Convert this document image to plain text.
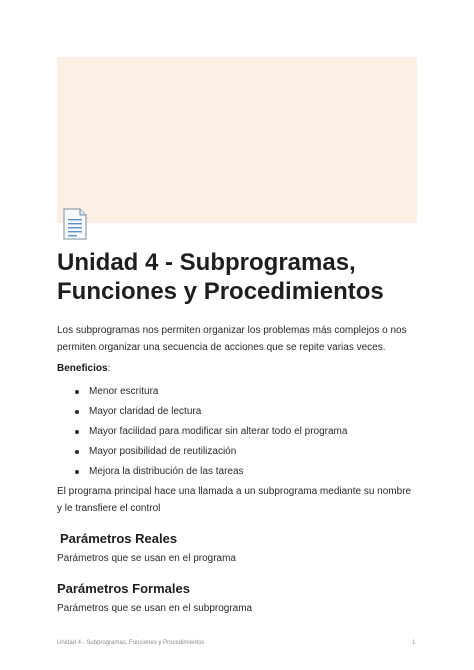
Unidad 4 - Subprogramas, Funciones y Procedimientos

Los subprogramas nos permiten organizar los problemas más complejos o nos permiten organizar una secuencia de acciones que se repite varias veces.

Beneficios:

Menor escritura
Mayor claridad de lectura
Mayor facilidad para modificar sin alterar todo el programa
Mayor posibilidad de reutilización
Mejora la distribución de las tareas

El programa principal hace una llamada a un subprograma mediante su nombre y le transfiere el control

Parámetros Reales

Parámetros que se usan en el programa

Parámetros Formales

Parámetros que se usan en el subprograma

Unidad 4 - Subprogramas, Funciones y Procedimientos	1
